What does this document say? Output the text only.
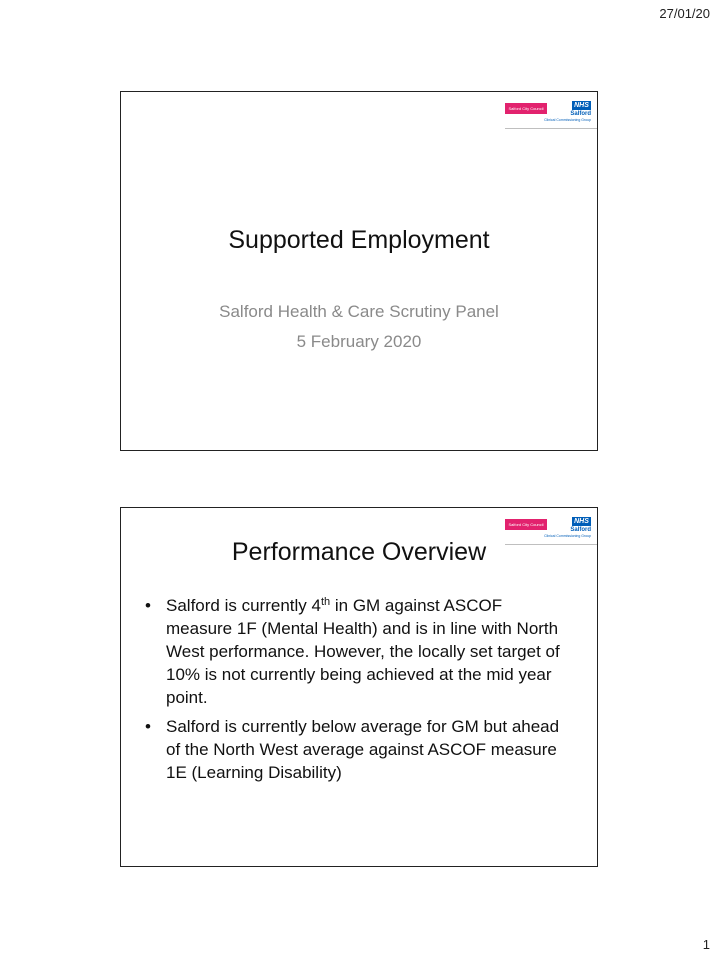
27/01/20
Salford City Council	NHS
Salford
Clinical Commissioning Group
Supported Employment
Salford Health & Care Scrutiny Panel
5 February 2020
Salford City Council	NHS
Salford
Clinical Commissioning Group
Performance Overview
• Salford is currently 4th in GM against ASCOF measure 1F (Mental Health) and is in line with North West performance. However, the locally set target of 10% is not currently being achieved at the mid year point.
• Salford is currently below average for GM but ahead of the North West average against ASCOF measure 1E (Learning Disability)
1
